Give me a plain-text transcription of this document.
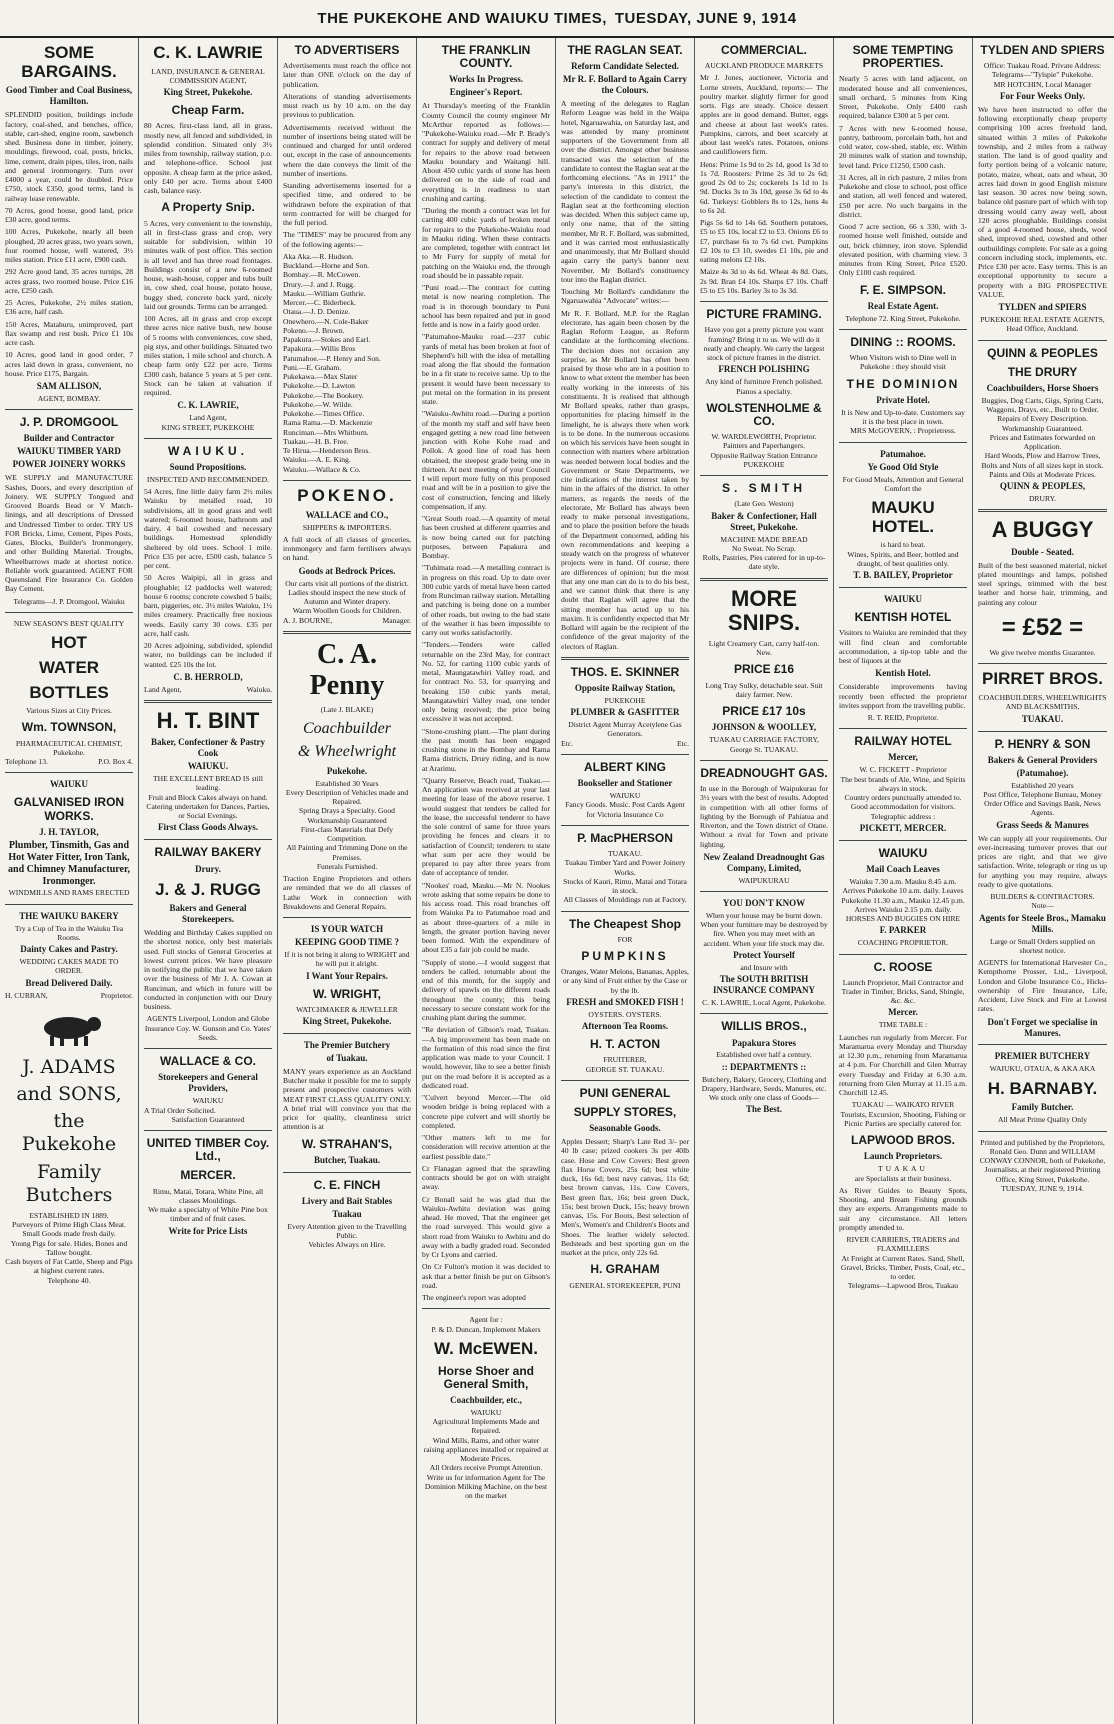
THE PUKEKOHE AND WAIUKU TIMES, TUESDAY, JUNE 9, 1914
SOME BARGAINS.
Good Timber and Coal Business, Hamilton.

SPLENDID position, buildings include factory, coal-shed, and benches, office, stable, cart-shed, engine room, sawbench shed. Business done in timber, joinery, mouldings, firewood, coal, posts, bricks, lime, cement, drain pipes, tiles, iron, nails and general ironmongery. Turn over £4000 a year, could be doubled. Price £750, stock £350, good terms, land is railway lease renewable.

70 Acres, good house, good land, price £30 acre, good terms.

100 Acres, Pukekohe, nearly all been ploughed, 20 acres grass, two years sown, four roomed house, well watered, 3½ miles station. Price £11 acre, £900 cash.

292 Acre good land, 35 acres turnips, 28 acres grass, two roomed house. Price £16 acre, £250 cash.

25 Acres, Pukekohe, 2½ miles station, £36 acre, half cash.

150 Acres, Matahuru, unimproved, part flax swamp and rest bush. Price £1 10s acre cash.

10 Acres, good land in good order, 7 acres laid down in grass, convenient, no house. Price £175, Bargain.

SAM ALLISON,
AGENT, BOMBAY.
J. P. DROMGOOL
Builder and Contractor
WAIUKU TIMBER YARD
POWER JOINERY WORKS

WE SUPPLY and MANUFACTURE Sashes, Doors, and every description of Joinery. WE SUPPLY Tongued and Grooved Boards Bead or V Match-linings, and all descriptions of Dressed and Undressed Timber to order. TRY US FOR Bricks, Lime, Cement, Pipes Posts, Gates, Blocks, Builder's Ironmongery, and other Building Material. Troughs, Wheelbarrows made at shortest notice. Reliable work guaranteed. AGENT FOR Queensland Fire Insurance Co. Golden Bay Cement.

Telegrams—J. P. Dromgool, Waiuku
NEW SEASON'S BEST QUALITY
HOT
WATER
BOTTLES
Various Sizes at City Prices.
Wm. TOWNSON,
PHARMACEUTICAL CHEMIST,
Pukekohe.
Telephone 13.	P.O. Box 4.
WAIUKU
GALVANISED IRON WORKS.
J. H. TAYLOR,
Plumber, Tinsmith, Gas and Hot Water Fitter, Iron Tank, and Chimney Manufacturer, Ironmonger.
WINDMILLS AND RAMS ERECTED
THE WAIUKU BAKERY
Try a Cup of Tea in the Waiuku Tea Rooms.
Dainty Cakes and Pastry.
WEDDING CAKES MADE TO ORDER.
Bread Delivered Daily.
H. CURRAN,	Proprietor.
J. ADAMS
and SONS,
the Pukekohe
Family Butchers
ESTABLISHED IN 1889.
Purveyors of Prime High Class Meat.
Small Goods made fresh daily.
Young Pigs for sale. Hides, Bones and Tallow bought.
Cash buyers of Fat Cattle, Sheep and Pigs at highest current rates.
Telephone 40.
C. K. LAWRIE
LAND, INSURANCE & GENERAL COMMISSION AGENT,
King Street, Pukekohe.
Cheap Farm.

80 Acres, first-class land, all in grass, mostly new, all fenced and subdivided, in splendid condition. Situated only 3½ miles from township, railway station, p.o. and telephone-office. School just opposite. A cheap farm at the price asked, only £40 per acre. Terms about £400 cash, balance easy.

A Property Snip.

5 Acres, very convenient to the township, all in first-class grass and crop, very suitable for subdivision, within 10 minutes walk of post office. This section is all level and has three road frontages. Buildings consist of a new 6-roomed house, wash-house, copper and tubs built in, cow shed, coal house, potato house, buggy shed, concrete back yard, nicely laid out grounds. Terms can be arranged.

100 Acres, all in grass and crop except three acres nice native bush, new house of 5 rooms with conveniences, cow shed, pig stys, and other buildings. Situated two miles station, 1 mile school and church. A cheap farm only £22 per acre. Terms £300 cash, balance 5 years at 5 per cent. Stock can be taken at valuation if required.

C. K. LAWRIE,
Land Agent,
KING STREET, PUKEKOHE
WAIUKU.
Sound Propositions.
INSPECTED AND RECOMMENDED.

54 Acres, fine little dairy farm 2½ miles Waiuku by metalled road, 10 subdivisions, all in good grass and well watered; 6-roomed house, bathroom and dairy, 4 bail cowshed and necessary buildings. Homestead splendidly sheltered by old trees. School 1 mile. Price £35 per acre, £500 cash, balance 5 per cent.

50 Acres Waipipi, all in grass and ploughable; 12 paddocks well watered; house 6 rooms; concrete cowshed 5 bails; barn, piggeries, etc. 3½ miles Waiuku, 1½ miles creamery. Practically free noxious weeds. Easily carry 30 cows. £35 per acre, half cash.

20 Acres adjoining, subdivided, splendid water, no buildings can be included if wanted. £25 10s the lot.

C. B. HERROLD,
Land Agent,	Waiuku.
H. T. BINT
Baker, Confectioner & Pastry Cook
WAIUKU.
THE EXCELLENT BREAD IS still leading.
Fruit and Block Cakes always on hand.
Catering undertaken for Dances, Parties, or Social Evenings.
First Class Goods Always.
RAILWAY BAKERY
Drury.
J. & J. RUGG
Bakers and General Storekeepers.

Wedding and Birthday Cakes supplied on the shortest notice, only best materials used. Full stocks of General Groceries at lowest current prices. We have pleasure in notifying the public that we have taken over the business of Mr J. A. Cowan at Runciman, and which in future will be conducted in conjunction with our Drury business.

AGENTS Liverpool, London and Globe Insurance Coy. W. Gunson and Co. Yates' Seeds.
WALLACE & CO.
Storekeepers and General Providers,
WAIUKU
A Trial Order Solicited.
Satisfaction Guaranteed
UNITED TIMBER Coy. Ltd.,
MERCER.
Rimu, Matai, Totara, White Pine, all classes Mouldings.
We make a specialty of White Pine box timber and of fruit cases.
Write for Price Lists
TO ADVERTISERS

Advertisements must reach the office not later than ONE o'clock on the day of publication.

Alterations of standing advertisements must reach us by 10 a.m. on the day previous to publication.

Advertisements received without the number of insertions being stated will be continued and charged for until ordered out, except in the case of announcements where the date conveys the limit of the number of insertions.

Standing advertisements inserted for a specified time, and ordered to be withdrawn before the expiration of that term contracted for will be charged for the full period.

The "TIMES" may be procured from any of the following agents:—

Aka Aka.—R. Hudson.
Buckland.—Horne and Son.
Bombay.—R. McCowen.
Drury.—J. and J. Rugg.
Mauku.—William Guthrie.
Mercer.—C. Biderbeck.
Otaua.—J. D. Denize.
Onewhero.—N. Cole-Baker
Pokeno.—J. Brown.
Papakura.—Stokes and Earl.
Papakura.—Willis Bros
Patumahoe.—P. Henry and Son.
Puni.—E. Graham.
Pukekawa.—Max Slater
Pukekohe.—D. Lawton
Pukekohe.—The Bookery.
Pukekohe.—W. Wilde.
Pukekohe.—Times Office.
Rama Rama.—D. Mackenzie
Runciman.—Mrs Whitburn.
Tuakau.—H. B. Free.
Te Hirua.—Henderson Bros.
Waiuku.—A. E. King.
Waiuku.—Wallace & Co.
POKENO.
WALLACE and CO.,
SHIPPERS & IMPORTERS.

A full stock of all classes of groceries, ironmongery and farm fertilisers always on hand.

Goods at Bedrock Prices.
Our carts visit all portions of the district.
Ladies should inspect the new stock of Autumn and Winter drapery.
Warm Woollen Goods for Children.
A. J. BOURNE,	Manager.
C. A. Penny
(Late J. BLAKE)
Coachbuilder
& Wheelwright
Pukekohe.
Established 30 Years
Every Description of Vehicles made and Repaired.
Spring Drays a Specialty. Good Workmanship Guaranteed
First-class Materials that Defy Competition.
All Painting and Trimming Done on the Premises.
Funerals Furnished.

Traction Engine Proprietors and others are reminded that we do all classes of Lathe Work in connection with Breakdowns and General Repairs.

IS YOUR WATCH
KEEPING GOOD TIME ?
If it is not bring it along to WRIGHT and he will put it alright.
I Want Your Repairs.
W. WRIGHT,
WATCHMAKER & JEWELLER
King Street, Pukekohe.
The Premier Butchery
of Tuakau.

MANY years experience as an Auckland Butcher make it possible for me to supply present and prospective customers with MEAT FIRST CLASS QUALITY ONLY. A brief trial will convince you that the price for quality, cleanliness strict attention is at

W. STRAHAN'S,
Butcher, Tuakau.
C. E. FINCH
Livery and Bait Stables
Tuakau
Every Attention given to the Travelling Public.
Vehicles Always on Hire.
THE FRANKLIN COUNTY.
Works In Progress.
Engineer's Report.

At Thursday's meeting of the Franklin County Council the county engineer Mr McArthur reported as follows:— "Pukekohe-Waiuku road.—Mr P. Brady's contract for supply and delivery of metal for repairs to the above road between Mauku boundary and Waitangi hill. About 450 cubic yards of stone has been delivered on to the side of road and everything is in readiness to start crushing and carting.

"During the month a contract was let for carting 400 cubic yards of broken metal for repairs to the Pukekohe-Waiuku road in Mauku riding. When these contracts are completed, together with contract let to Mr Furry for supply of metal for patching on the Waiuku end, the through road should be in passable repair.

"Puni road.—The contract for cutting metal is now nearing completion. The road is in thorough boundary to Puni school has been repaired and put in good fettle and is now in a fairly good order.

"Patumahoe-Mauku road.—237 cubic yards of metal has been broken at foot of Shepherd's hill with the idea of metalling road along the flat should the formation be in a fit state to receive same. Up to the present it would have been necessary to put metal on the formation in its present state.

"Waiuku-Awhitu road.—During a portion of the month my staff and self have been engaged getting a new road line between junction with Kohe Kohe road and Pollok. A good line of road has been obtained, the steepest grade being one in thirteen. At next meeting of your Council I will report more fully on this proposed road and will be in a position to give the cost of construction, fencing and likely compensation, if any.

"Great South road.—A quantity of metal has been crushed at different quarries and is now being carted out for patching purposes, between Papakura and Bombay.

"Tuhimata road.—A metalling contract is in progress on this road. Up to date over 300 cubic yards of metal have been carted from Runciman railway station. Metalling and patching is being done on a number of other roads, but owing to the bad state of the weather it has been impossible to carry out works satisfactorily.

"Tenders.—Tenders were called returnable on the 23rd May, for contract No. 52, for carting 1100 cubic yards of metal, Maungatawhiri Valley road, and for contract No. 53, for quarrying and breaking 150 cubic yards metal, Maungatawhiri Valley road, one tender only being received; the price being excessive it was not accepted.

"Stone-crushing plant.—The plant during the past month has been engaged crushing stone in the Bombay and Rama Rama districts, Drury riding, and is now at Ararimu.

"Quarry Reserve, Beach road, Tuakau.—An application was received at your last meeting for lease of the above reserve. I would suggest that tenders be called for the lease, the successful tenderer to have the sole control of same for three years providing he fences and clears it to satisfaction of Council; tenderers to state what sum per acre they would be prepared to pay after three years from date of acceptance of tender.

"Nookes' road, Mauku.—Mr N. Nookes wrote asking that some repairs be done to his access road. This road branches off from Waiuku Pa to Patumahoe road and as about three-quarters of a mile in length, the greater portion having never been formed. With the expenditure of about £35 a fair job could be made.

"Supply of stone.—I would suggest that tenders be called, returnable about the end of this month, for the supply and delivery of spawls on the different roads throughout the county; this being necessary to secure constant work for the crushing plant during the summer.

"Re deviation of Gibson's road, Tuakau.—A big improvement has been made on the formation of this road since the first application was made to your Council. I would, however, like to see a better finish put on the road before it is accepted as a dedicated road.

"Culvert beyond Mercer.—The old wooden bridge is being replaced with a concrete pipe culvert and will shortly be completed.

"Other matters left to me for consideration will receive attention at the earliest possible date."

Cr Flanagan agreed that the sprawling contracts should be got on with straight away.

Cr Bonall said he was glad that the Waiuku-Awhitu deviation was going ahead. He moved, That the engineer get the road surveyed. This would give a short road from Waiuku to Awhitu and do away with a badly graded road. Seconded by Cr Lyons and carried.

On Cr Fulton's motion it was decided to ask that a better finish be put on Gibson's road.

The engineer's report was adopted

Agent for :
P. & D. Duncan, Implement Makers
W. McEWEN.
Horse Shoer and General Smith,
Coachbuilder, etc.,
WAIUKU
Agricultural Implements Made and Repaired.
Wind Mills, Rams, and other water raising appliances installed or repaired at Moderate Prices.
All Orders receive Prompt Attention. Write us for information Agent for The Dominion Milking Machine, on the best on the market
THE RAGLAN SEAT.
Reform Candidate Selected.
Mr R. F. Bollard to Again Carry the Colours.

A meeting of the delegates to Raglan Reform League was held in the Waipa hotel, Ngaruawahia, on Saturday last, and was attended by many prominent supporters of the Government from all over the district. Amongst other business transacted was the selection of the candidate to contest the Raglan seat at the forthcoming elections. "As in 1911" the party's interests in this district, the selection of the candidate to contest the Raglan seat at the forthcoming election was decided. When this subject came up, only one name, that of the sitting member, Mr R. F. Bollard, was submitted, and it was carried most enthusiastically and unanimously, that Mr Bollard should again carry the party's banner next November. Mr Bollard's constituency tour into the Raglan district.

Touching Mr Bollard's candidature the Ngaruawahia "Advocate" writes:—

Mr R. F. Bollard, M.P. for the Raglan electorate, has again been chosen by the Raglan Reform League, as Reform candidate at the forthcoming elections. The decision does not occasion any surprise, as Mr Bollard has often been praised by those who are in a position to know to what extent the member has been really working in the interests of his constituents. It is realised that although Mr Bollard speaks, rather than grasps, opportunities for placing himself in the limelight, he is always there when work is to be done. In the numerous occasions on which his services have been sought in connection with matters where arbitration was needed between local bodies and the Government or State Departments, we cite indications of the interest taken by him in the affairs of the district. In other matters, as regards the needs of the electorate, Mr Bollard has always been ready to make personal investigations, and to place the position before the heads of the Department concerned, adding his own recommendations and keeping a steady watch on the progress of whatever projects were in hand. Of course, there are differences of opinion; but the most that any one man can do is to do his best, and we cannot think that there is any doubt that Raglan will agree that the sitting member has acted up to his maxim. It is confidently expected that Mr Bollard will again be the recipient of the confidence of the great majority of the electors of Raglan.

THOS. E. SKINNER
Opposite Railway Station,
PUKEKOHE
PLUMBER & GASFITTER
District Agent Murray Acetylene Gas Generators.
Etc.	Etc.
ALBERT KING
Bookseller and Stationer
WAIUKU
Fancy Goods. Music. Post Cards Agent for Victoria Insurance Co
P. MacPHERSON
TUAKAU.
Tuakau Timber Yard and Power Joinery Works.
Stocks of Kauri, Rimu, Matai and Totara in stock.
All Classes of Mouldings run at Factory.
The Cheapest Shop
FOR
PUMPKINS
Oranges, Water Melons, Bananas, Apples, or any kind of Fruit either by the Case or by the lb.
FRESH and SMOKED FISH !
OYSTERS. OYSTERS.
Afternoon Tea Rooms.
H. T. ACTON
FRUITERER,
GEORGE ST. TUAKAU.
PUNI GENERAL
SUPPLY STORES,
Seasonable Goods.

Apples Dessert; Sharp's Late Red 3/- per 40 lb case; prized cookers 3s per 40lb case. Hose and Cow Covers: Best green flax Horse Covers, 25s 6d; best white duck, 16s 6d; best navy canvas, 11s 6d; best brown canvas, 11s. Cow Covers, Best green flax, 16s; best green Duck, 15s; best brown Duck, 15s; heavy brown canvas, 15s. For Boots, Best selection of Men's, Women's and Children's Boots and Shoes. The leather widely selected. Bedsteads and best sporting gun on the market at the price, only 22s 6d.

H. GRAHAM
GENERAL STOREKEEPER, PUNI
COMMERCIAL.
AUCKLAND PRODUCE MARKETS

Mr J. Jones, auctioneer, Victoria and Lorne streets, Auckland, reports:— The poultry market slightly firmer for good sorts. Figs are steady. Choice dessert apples are in good demand. Butter, eggs and cheese at about last week's rates. Pumpkins, carrots, and beet scarcely at about last week's rates. Potatoes, onions and cauliflowers firm.

Hens: Prime 1s 9d to 2s 1d, good 1s 3d to 1s 7d. Roosters: Prime 2s 3d to 2s 6d; good 2s 0d to 2s; cockerels 1s 1d to 1s 9d. Ducks 3s to 3s 10d, geese 3s 6d to 4s 6d. Turkeys: Gobblers 8s to 12s, hens 4s to 6s 2d.

Pigs 5s 6d to 14s 6d. Southern potatoes, £5 to £5 10s, local £2 to £3. Onions £6 to £7, purchase 6s to 7s 6d cwt. Pumpkins £2 10s to £3 10, swedes £1 10s, pie and eating melons £2 10s.

Maize 4s 3d to 4s 6d. Wheat 4s 8d. Oats, 2s 9d. Bran £4 10s. Sharps £7 10s. Chaff £5 to £5 10s. Barley 3s to 3s 3d.

PICTURE FRAMING.
Have you got a pretty picture you want framing? Bring it to us. We will do it neatly and cheaply. We carry the largest stock of picture frames in the district.
FRENCH POLISHING
Any kind of furniture French polished. Pianos a specialty.
WOLSTENHOLME & CO.
W. WARDLEWORTH, Proprietor.
Painters and Paperhangers.
Opposite Railway Station Entrance
PUKEKOHE
S. SMITH
(Late Geo. Weston)
Baker & Confectioner, Hall Street, Pukekohe.
MACHINE MADE BREAD
No Sweat. No Scrap.
Rolls, Pastries, Pies catered for in up-to-date style.
MORE SNIPS.
Light Creamery Cart, carry half-ton. New.
PRICE £16
Long Tray Sulky, detachable seat. Suit dairy farmer. New.
PRICE £17 10s
JOHNSON & WOOLLEY,
TUAKAU CARRIAGE FACTORY,
George St. TUAKAU.
DREADNOUGHT GAS.

In use in the Borough of Waipukurau for 3½ years with the best of results. Adopted in competition with all other forms of lighting by the Borough of Pahiatua and Riverton, and the Town district of Otane. Without a rival for Town and private lighting.

New Zealand Dreadnought Gas Company, Limited,
WAIPUKURAU
YOU DON'T KNOW
When your house may be burnt down. When your furniture may be destroyed by fire. When you may meet with an accident. When your life stock may die.
Protect Yourself
and Insure with
The SOUTH BRITISH INSURANCE COMPANY
C. K. LAWRIE, Local Agent, Pukekohe.
WILLIS BROS.,
Papakura Stores
Established over half a century.
:: DEPARTMENTS ::
Butchery, Bakery, Grocery, Clothing and Drapery, Hardware, Seeds, Manures, etc. We stock only one class of Goods—
The Best.
SOME TEMPTING PROPERTIES.

Nearly 5 acres with land adjacent, on moderated house and all conveniences, small orchard, 5 minutes from King Street, Pukekohe. Only £400 cash required, balance £300 at 5 per cent.

7 Acres with new 6-roomed house, pantry, bathroom, porcelain bath, hot and cold water, cow-shed, stable, etc. Within 20 minutes walk of station and township, level land. Price £1250, £500 cash.

31 Acres, all in rich pasture, 2 miles from Pukekohe and close to school, post office and station, all well fenced and watered, £50 per acre. No such bargains in the district.

Good 7 acre section, 66 x 330, with 3-roomed house well finished, outside and out, brick chimney, iron stove. Splendid elevated position, with charming view. 3 minutes from King Street, Price £520. Only £100 cash required.

F. E. SIMPSON.
Real Estate Agent.
Telephone 72. King Street, Pukekohe.
DINING :: ROOMS.
When Visitors wish to Dine well in Pukekohe : they should visit
THE DOMINION
Private Hotel.
It is New and Up-to-date. Customers say it is the best place in town.
MRS McGOVERN, : Proprietress.
Patumahoe.
Ye Good Old Style
For Good Meals, Attention and General Comfort the
MAUKU HOTEL.
is hard to beat.
Wines, Spirits, and Beer, bottled and draught, of best qualities only.
T. B. BAILEY, Proprietor
WAIUKU
KENTISH HOTEL

Visitors to Waiuku are reminded that they will find clean and comfortable accommodation, a tip-top table and the best of liquors at the

Kentish Hotel.

Considerable improvements having recently been effected the proprietor invites support from the travelling public.

R. T. REID, Proprietor.
RAILWAY HOTEL
Mercer,
W. C. FICKETT - Proprietor
The best brands of Ale, Wine, and Spirits always in stock.
Country orders punctually attended to.
Good accommodation for visitors.
Telegraphic address :
PICKETT, MERCER.
WAIUKU
Mail Coach Leaves
Waiuku 7.30 a.m. Mauku 8.45 a.m. Arrives Pukekohe 10 a.m. daily. Leaves Pukekohe 11.30 a.m., Mauku 12.45 p.m. Arrives Waiuku 2.15 p.m. daily.
HORSES AND BUGGIES ON HIRE
F. PARKER
COACHING PROPRIETOR.
C. ROOSE
Launch Proprietor, Mail Contractor and Trader in Timber, Bricks, Sand, Shingle, &c. &c.
Mercer.
TIME TABLE :

Launches run regularly from Mercer. For Maramarua every Monday and Thursday at 12.30 p.m., returning from Maramarua at 4 p.m. For Churchill and Glen Murray every Tuesday and Friday at 6.30 a.m. returning from Glen Murray at 11.15 a.m. Churchill 12.45.

TUAKAU — WAIKATO RIVER
Tourists, Excursion, Shooting, Fishing or Picnic Parties are specially catered for.
LAPWOOD BROS.
Launch Proprietors.
TUAKAU
are Specialists at their business.

As River Guides to Beauty Spots, Shooting, and Bream Fishing grounds they are experts. Arrangements made to suit any circumstance. All letters promptly attended to.

RIVER CARRIERS, TRADERS and FLAXMILLERS
At Freight at Current Rates. Sand, Shell, Gravel, Bricks, Timber, Posts, Coal, etc., to order.
Telegrams—Lapwood Bros, Tuakau
TYLDEN AND SPIERS
Office: Tuakau Road. Private Address: Telegrams—"Tylspie" Pukekohe.
MR HOTCHIN, Local Manager
For Four Weeks Only.

We have been instructed to offer the following exceptionally cheap property comprising 100 acres freehold land, situated within 3 miles of Pukekohe township, and 2 miles from a railway station. The land is of good quality and forty portion being of a volcanic nature, potato, maize, wheat, oats and wheat, 30 acres laid down in good English mixture last season. 30 acres now being sown, balance old pasture part of which with top dressing would carry away well, about 120 acres ploughable. Buildings consist of a good 4-roomed house, sheds, wool shed, improved shed, cowshed and other outbuildings complete. For sale as a going concern including stock, implements, etc. Price £30 per acre. Easy terms. This is an exceptional opportunity to secure a property with a BIG PROSPECTIVE VALUE.

TYLDEN and SPIERS
PUKEKOHE REAL ESTATE AGENTS,
Head Office, Auckland.
QUINN & PEOPLES
THE DRURY
Coachbuilders, Horse Shoers
Buggies, Dog Carts, Gigs, Spring Carts, Waggons, Drays, etc., Built to Order.
Repairs of Every Description. Workmanship Guaranteed.
Prices and Estimates forwarded on Application.
Hard Woods, Plow and Harrow Trees, Bolts and Nuts of all sizes kept in stock.
Paints and Oils at Moderate Prices.
QUINN & PEOPLES,
DRURY.
A BUGGY
Double - Seated.

Built of the best seasoned material, nickel plated mountings and lamps, polished steel springs, trimmed with the best leather and horse hair, trimming, and painting any colour

= £52 =
We give twelve months Guarantee.
PIRRET BROS.
COACHBUILDERS, WHEELWRIGHTS AND BLACKSMITHS,
TUAKAU.
P. HENRY & SON
Bakers & General Providers
(Patumahoe).
Established 20 years
Post Office, Telephone Bureau, Money Order Office and Savings Bank, News Agents.
Grass Seeds & Manures

We can supply all your requirements. Our ever-increasing turnover proves that our prices are right, and that we give satisfaction. Write, telegraph or ring us up for anything you may require, always ready to give quotations.

BUILDERS & CONTRACTORS.
Note—
Agents for Steele Bros., Mamaku Mills.
Large or Small Orders supplied on shortest notice.

AGENTS for International Harvester Co., Kempthorne Prosser, Ltd., Liverpool, London and Globe Insurance Co., Hicks-ownership of Fire Insurance, Life, Accident, Live Stock and Fire at Lowest rates.

Don't Forget we specialise in Manures.
PREMIER BUTCHERY
WAIUKU, OTAUA, & AKA AKA
H. BARNABY.
Family Butcher.
All Meat Prime Quality Only
Printed and published by the Proprietors, Ronald Geo. Dunn and WILLIAM CONWAY CONNOR, both of Pukekohe, Journalists, at their registered Printing Office, King Street, Pukekohe.
TUESDAY, JUNE 9, 1914.
